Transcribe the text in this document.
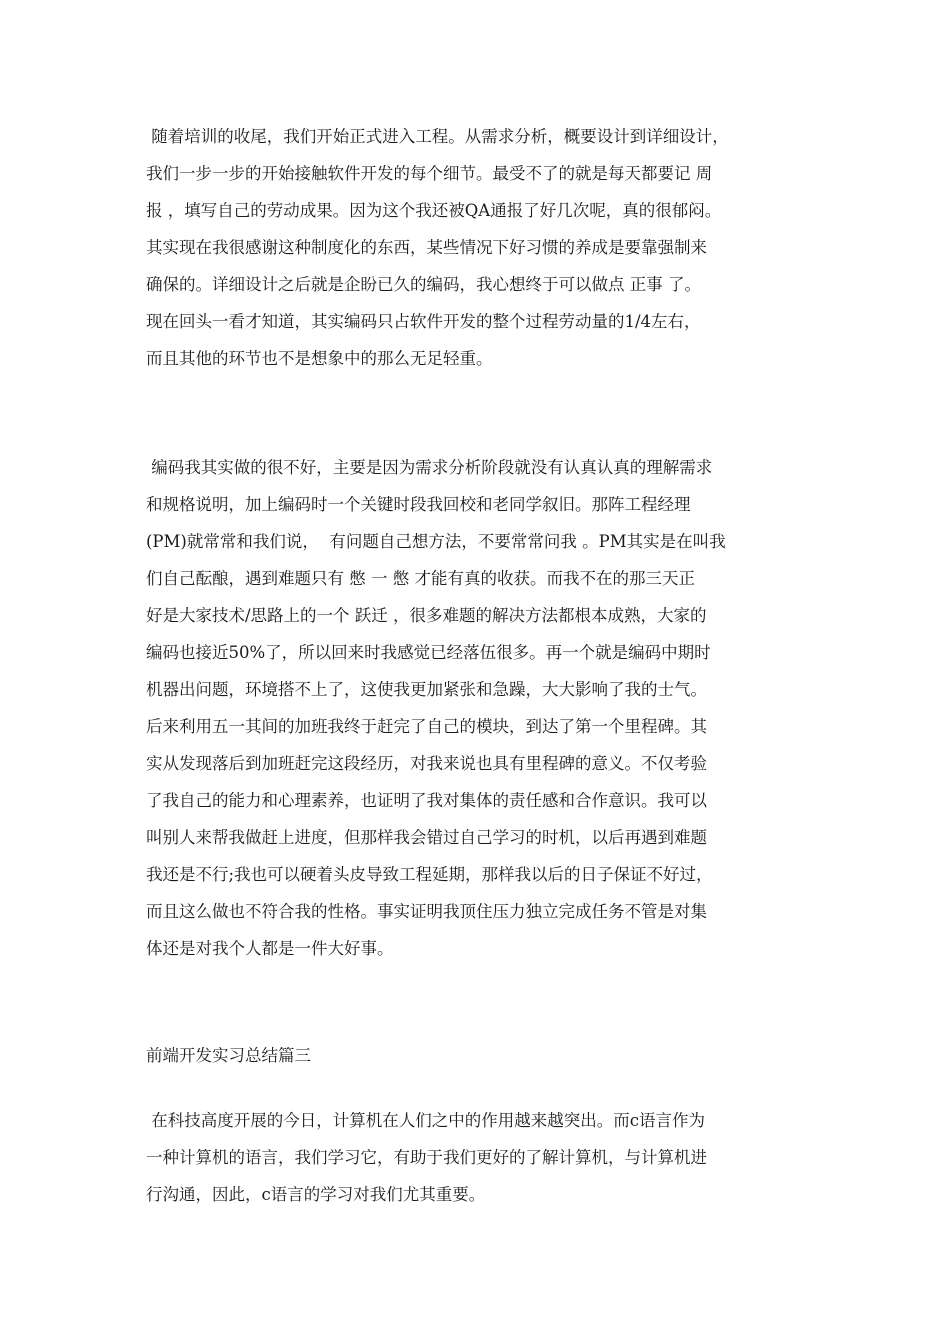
随着培训的收尾，我们开始正式进入工程。从需求分析，概要设计到详细设计，
我们一步一步的开始接触软件开发的每个细节。最受不了的就是每天都要记 周
报 ，填写自己的劳动成果。因为这个我还被QA通报了好几次呢，真的很郁闷。
其实现在我很感谢这种制度化的东西，某些情况下好习惯的养成是要靠强制来
确保的。详细设计之后就是企盼已久的编码，我心想终于可以做点 正事 了。
现在回头一看才知道，其实编码只占软件开发的整个过程劳动量的1/4左右，
而且其他的环节也不是想象中的那么无足轻重。
编码我其实做的很不好，主要是因为需求分析阶段就没有认真认真的理解需求
和规格说明，加上编码时一个关键时段我回校和老同学叙旧。那阵工程经理
(PM)就常常和我们说，  有问题自己想方法，不要常常问我 。PM其实是在叫我
们自己酝酿，遇到难题只有 憋 一 憋 才能有真的收获。而我不在的那三天正
好是大家技术/思路上的一个 跃迁 ，很多难题的解决方法都根本成熟，大家的
编码也接近50%了，所以回来时我感觉已经落伍很多。再一个就是编码中期时
机器出问题，环境搭不上了，这使我更加紧张和急躁，大大影响了我的士气。
后来利用五一其间的加班我终于赶完了自己的模块，到达了第一个里程碑。其
实从发现落后到加班赶完这段经历，对我来说也具有里程碑的意义。不仅考验
了我自己的能力和心理素养，也证明了我对集体的责任感和合作意识。我可以
叫别人来帮我做赶上进度，但那样我会错过自己学习的时机，以后再遇到难题
我还是不行;我也可以硬着头皮导致工程延期，那样我以后的日子保证不好过，
而且这么做也不符合我的性格。事实证明我顶住压力独立完成任务不管是对集
体还是对我个人都是一件大好事。
前端开发实习总结篇三
在科技高度开展的今日，计算机在人们之中的作用越来越突出。而c语言作为
一种计算机的语言，我们学习它，有助于我们更好的了解计算机，与计算机进
行沟通，因此，c语言的学习对我们尤其重要。
